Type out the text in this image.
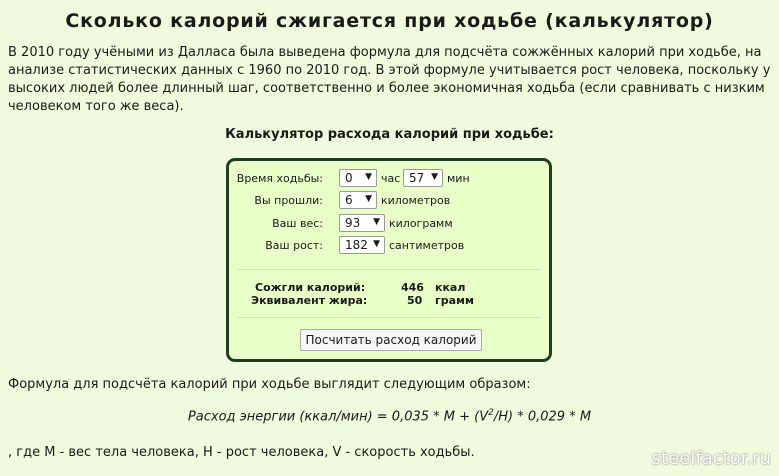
Сколько калорий сжигается при ходьбе (калькулятор)
В 2010 году учёными из Далласа была выведена формула для подсчёта сожжённых калорий при ходьбе, на анализе статистических данных с 1960 по 2010 год. В этой формуле учитывается рост человека, поскольку у высоких людей более длинный шаг, соответственно и более экономичная ходьба (если сравнивать с низким человеком того же веса).
Калькулятор расхода калорий при ходьбе:
Время ходьбы: 0 ▼ час 57 ▼ мин
Вы прошли: 6 ▼ километров
Ваш вес: 93 ▼ килограмм
Ваш рост: 182 ▼ сантиметров
Сожгли калорий:	446 ккал
Эквивалент жира:	50 грамм
Посчитать расход калорий
Формула для подсчёта калорий при ходьбе выглядит следующим образом:
Расход энергии (ккал/мин) = $0,035 * M + (V^2/H) * 0,029 * M$
, где М - вес тела человека, Н - рост человека, V - скорость ходьбы.	steelfactor.ru
